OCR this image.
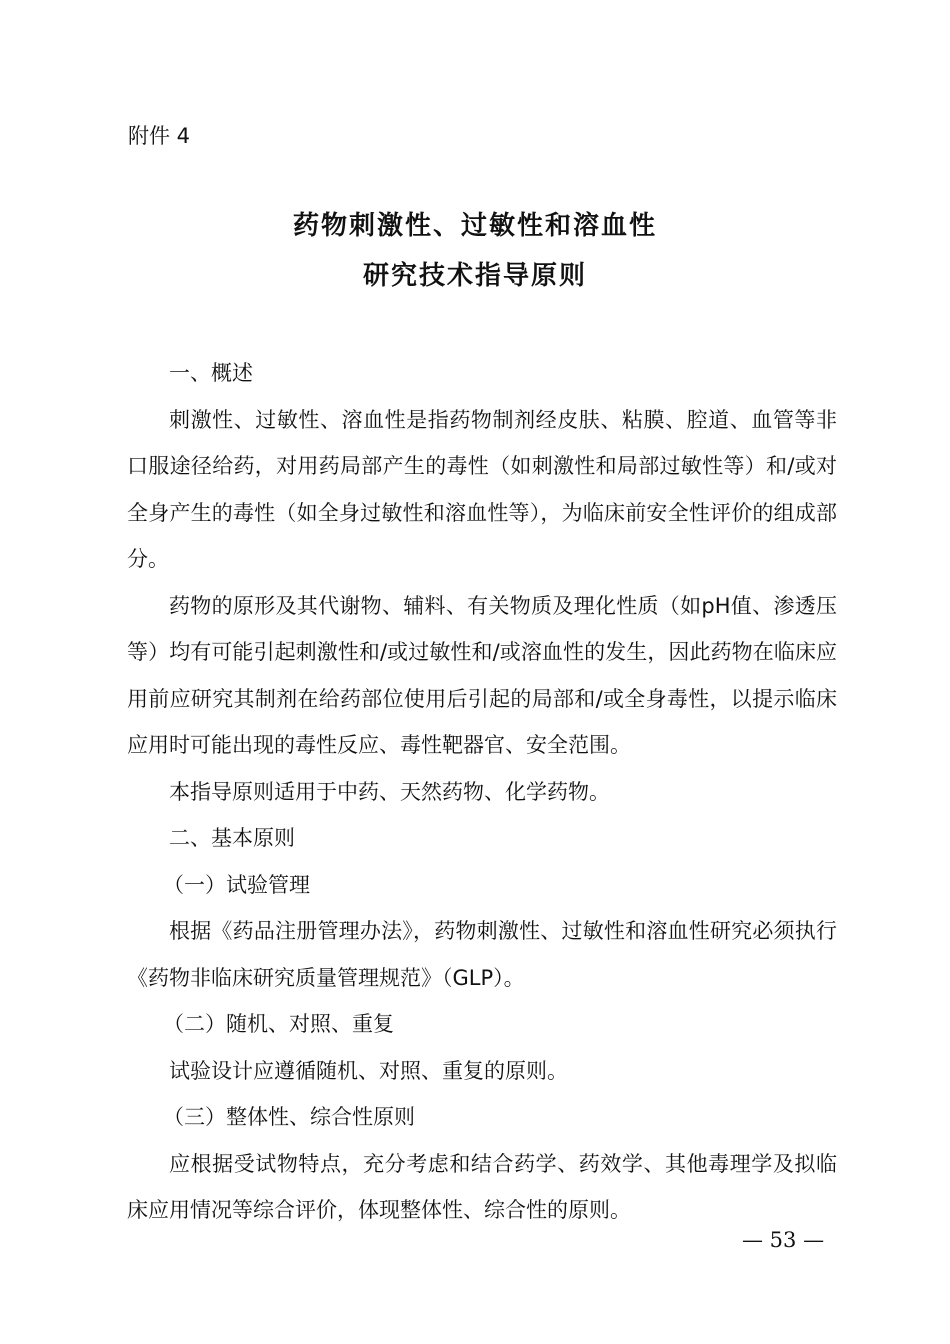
附件 4
药物刺激性、过敏性和溶血性
研究技术指导原则

一、概述

刺激性、过敏性、溶血性是指药物制剂经皮肤、粘膜、腔道、血管等非口服途径给药，对用药局部产生的毒性（如刺激性和局部过敏性等）和/或对全身产生的毒性（如全身过敏性和溶血性等），为临床前安全性评价的组成部分。

药物的原形及其代谢物、辅料、有关物质及理化性质（如pH值、渗透压等）均有可能引起刺激性和/或过敏性和/或溶血性的发生，因此药物在临床应用前应研究其制剂在给药部位使用后引起的局部和/或全身毒性，以提示临床应用时可能出现的毒性反应、毒性靶器官、安全范围。

本指导原则适用于中药、天然药物、化学药物。

二、基本原则

（一）试验管理

根据《药品注册管理办法》，药物刺激性、过敏性和溶血性研究必须执行《药物非临床研究质量管理规范》（GLP）。

（二）随机、对照、重复

试验设计应遵循随机、对照、重复的原则。

（三）整体性、综合性原则

应根据受试物特点，充分考虑和结合药学、药效学、其他毒理学及拟临床应用情况等综合评价，体现整体性、综合性的原则。

— 53 —
